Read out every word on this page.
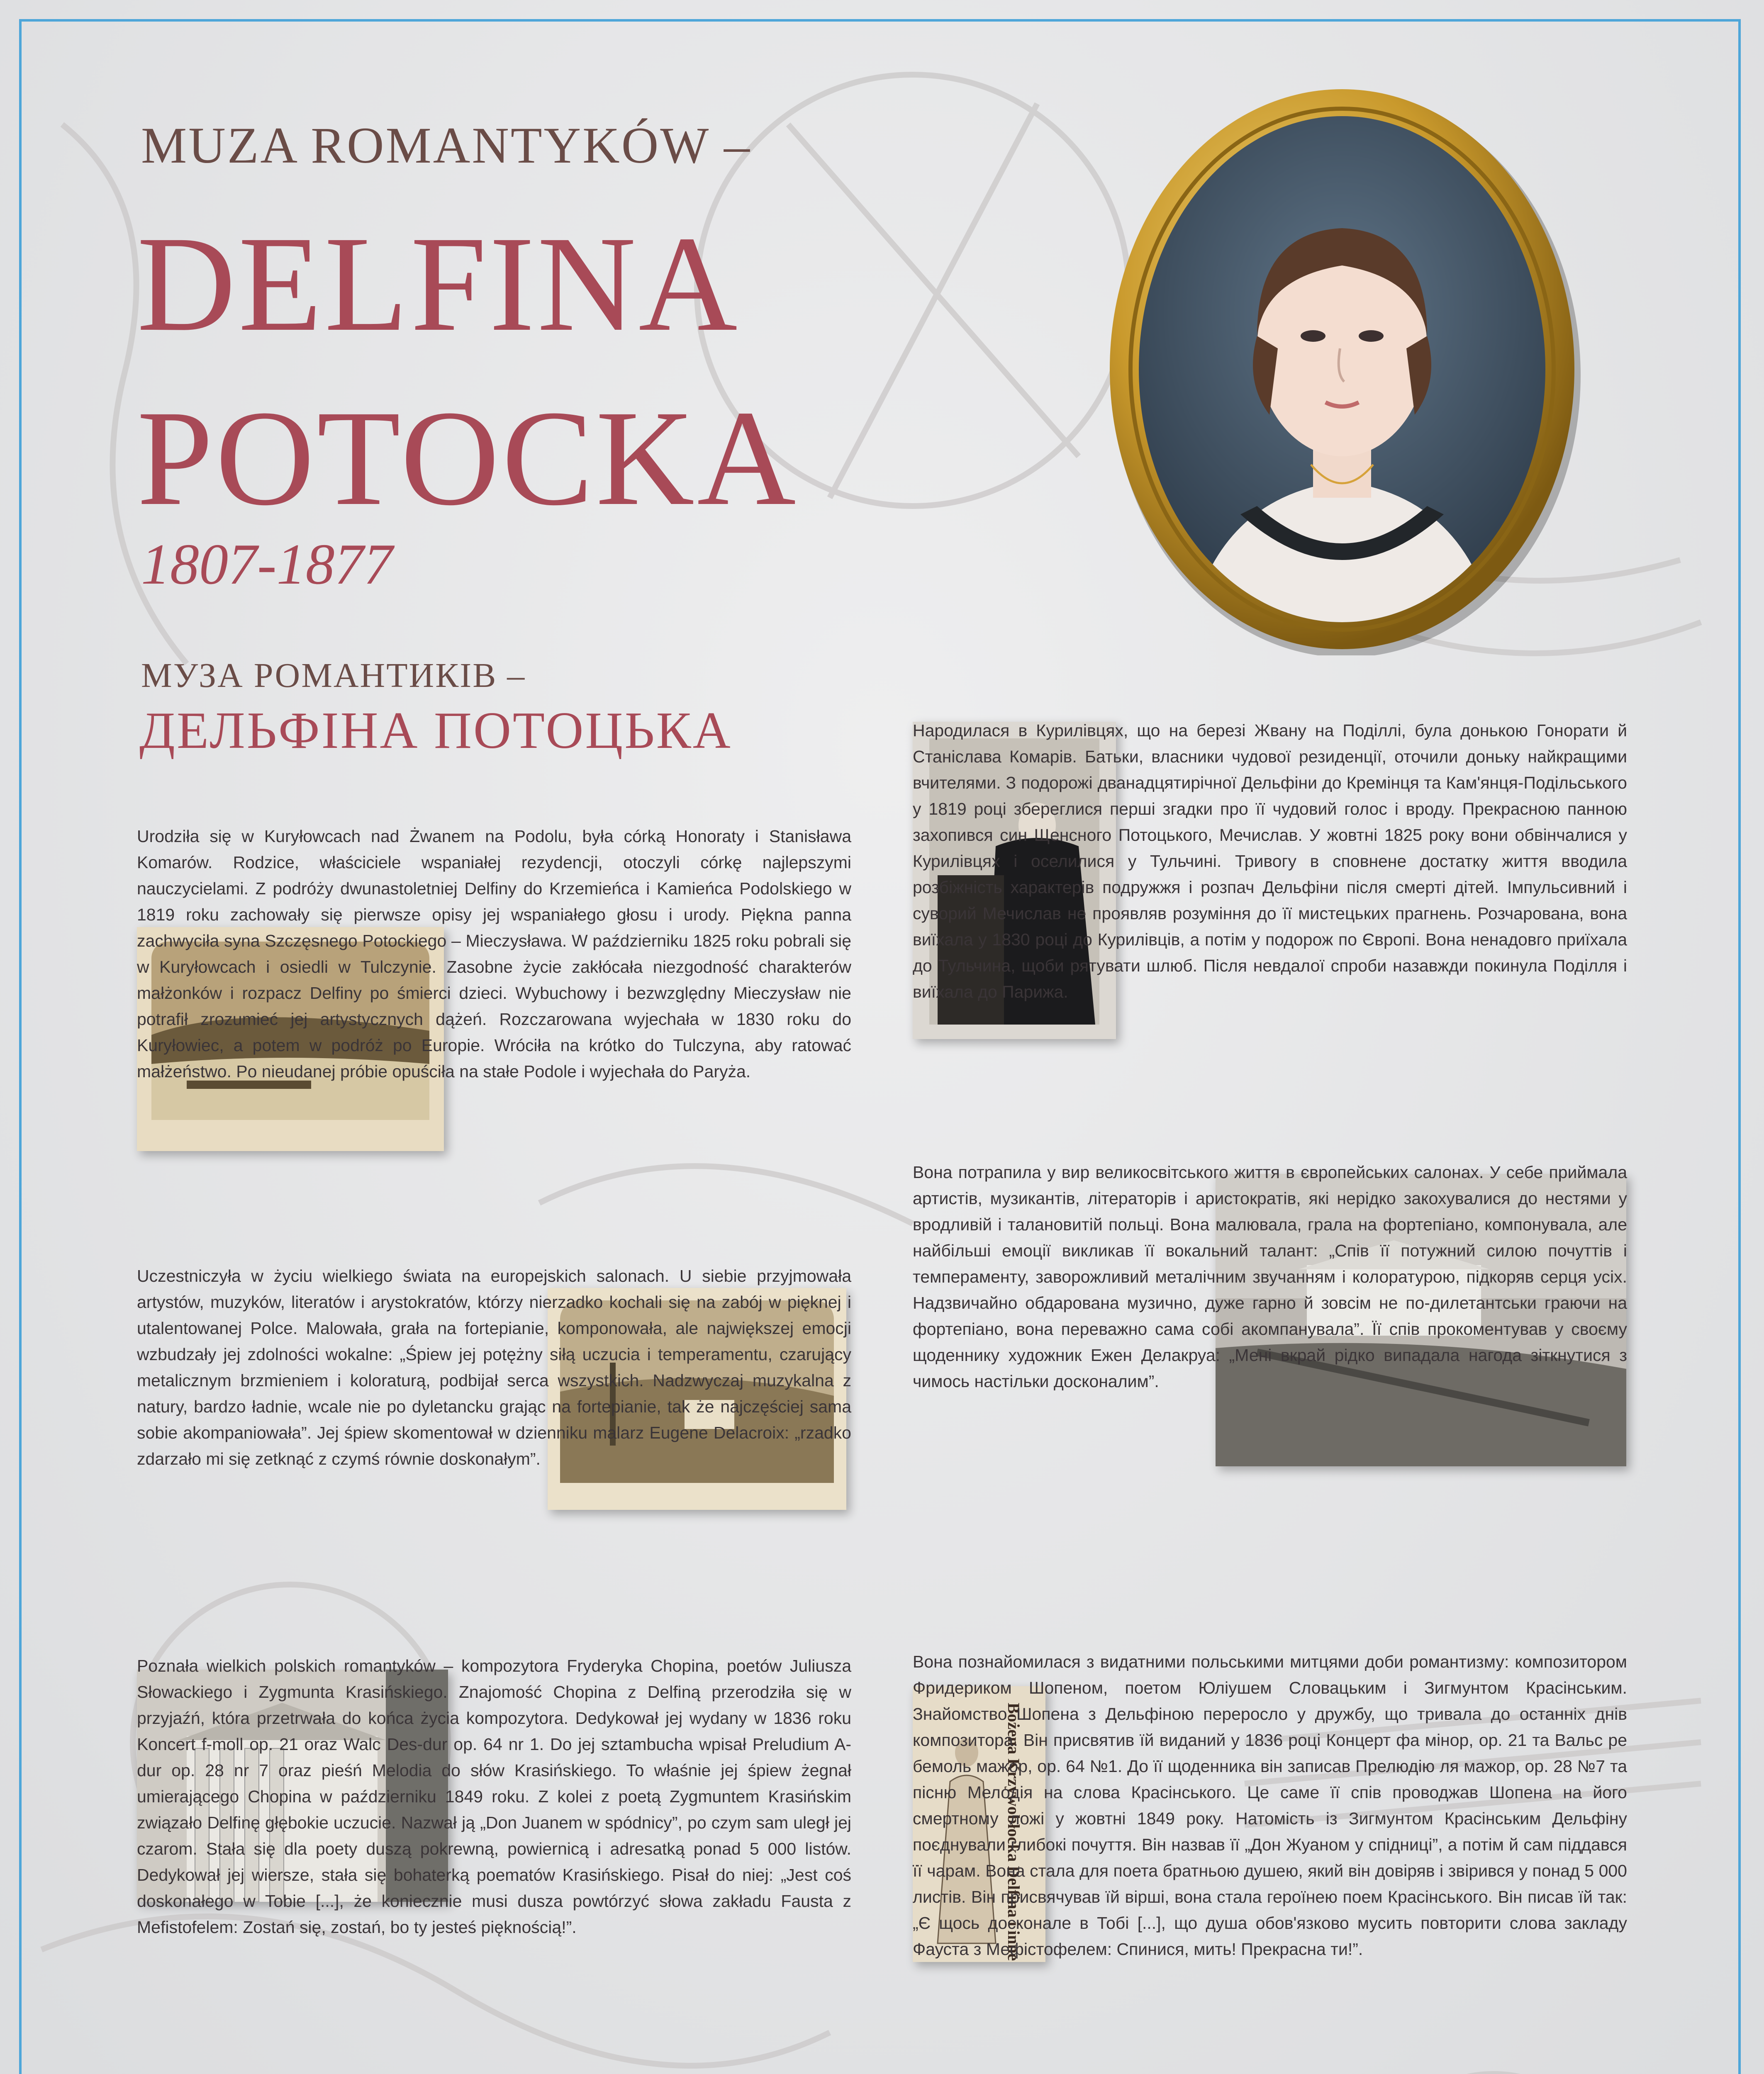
MUZA ROMANTYKÓW –
DELFINA
POTOCKA
1807-1877
МУЗА РОМАНТИКІВ –
ДЕЛЬФІНА ПОТОЦЬКА
Urodziła się w Kuryłowcach nad Żwanem na Podolu, była córką Honoraty i Stanisława Komarów. Rodzice, właściciele wspaniałej rezydencji, otoczyli córkę najlepszymi nauczycielami. Z podróży dwunastoletniej Delfiny do Krzemieńca i Kamieńca Podolskiego w 1819 roku zachowały się pierwsze opisy jej wspaniałego głosu i urody. Piękna panna zachwyciła syna Szczęsnego Potockiego – Mieczysława. W październiku 1825 roku pobrali się w Kuryłowcach i osiedli w Tulczynie. Zasobne życie zakłócała niezgodność charakterów małżonków i rozpacz Delfiny po śmierci dzieci. Wybuchowy i bezwzględny Mieczysław nie potrafił zrozumieć jej artystycznych dążeń. Rozczarowana wyjechała w 1830 roku do Kuryłowiec, a potem w podróż po Europie. Wróciła na krótko do Tulczyna, aby ratować małżeństwo. Po nieudanej próbie opuściła na stałe Podole i wyjechała do Paryża.
Uczestniczyła w życiu wielkiego świata na europejskich salonach. U siebie przyjmowała artystów, muzyków, literatów i arystokratów, którzy nierzadko kochali się na zabój w pięknej i utalentowanej Polce. Malowała, grała na fortepianie, komponowała, ale największej emocji wzbudzały jej zdolności wokalne: „Śpiew jej potężny siłą uczucia i temperamentu, czarujący metalicznym brzmieniem i koloraturą, podbijał serca wszystkich. Nadzwyczaj muzykalna z natury, bardzo ładnie, wcale nie po dyletancku grając na fortepianie, tak że najczęściej sama sobie akompaniowała”. Jej śpiew skomentował w dzienniku malarz Eugene Delacroix: „rzadko zdarzało mi się zetknąć z czymś równie doskonałym”.
Poznała wielkich polskich romantyków – kompozytora Fryderyka Chopina, poetów Juliusza Słowackiego i Zygmunta Krasińskiego. Znajomość Chopina z Delfiną przerodziła się w przyjaźń, która przetrwała do końca życia kompozytora. Dedykował jej wydany w 1836 roku Koncert f-moll op. 21 oraz Walc Des-dur op. 64 nr 1. Do jej sztambucha wpisał Preludium A-dur op. 28 nr 7 oraz pieśń Melodia do słów Krasińskiego. To właśnie jej śpiew żegnał umierającego Chopina w październiku 1849 roku. Z kolei z poetą Zygmuntem Krasińskim związało Delfinę głębokie uczucie. Nazwał ją „Don Juanem w spódnicy”, po czym sam uległ jej czarom. Stała się dla poety duszą pokrewną, powiernicą i adresatką ponad 5 000 listów. Dedykował jej wiersze, stała się bohaterką poematów Krasińskiego. Pisał do niej: „Jest coś doskonałego w Tobie [...], że koniecznie musi dusza powtórzyć słowa zakładu Fausta z Mefistofelem: Zostań się, zostań, bo ty jesteś pięknością!”.
Народилася в Курилівцях, що на березі Жвану на Поділлі, була донькою Гонорати й Станіслава Комарів. Батьки, власники чудової резиденції, оточили доньку найкращими вчителями. З подорожі дванадцятирічної Дельфіни до Кремінця та Кам'янця-Подільського у 1819 році збереглися перші згадки про її чудовий голос і вроду. Прекрасною панною захопився син Щенсного Потоцького, Мечислав. У жовтні 1825 року вони обвінчалися у Курилівцях і оселилися у Тульчині. Тривогу в сповнене достатку життя вводила розбіжність характерів подружжя і розпач Дельфіни після смерті дітей. Імпульсивний і суворий Мечислав не проявляв розуміння до її мистецьких прагнень. Розчарована, вона виїхала у 1830 році до Курилівців, а потім у подорож по Європі. Вона ненадовго приїхала до Тульчина, щоби рятувати шлюб. Після невдалої спроби назавжди покинула Поділля і виїхала до Парижа.
Вона потрапила у вир великосвітського життя в європейських салонах. У себе приймала артистів, музикантів, літераторів і аристократів, які нерідко закохувалися до нестями у вродливій і талановитій польці. Вона малювала, грала на фортепіано, компонувала, але найбільші емоції викликав її вокальний талант: „Спів її потужний силою почуттів і темпераменту, заворожливий металічним звучанням і колоратурою, підкоряв серця усіх. Надзвичайно обдарована музично, дуже гарно й зовсім не по-дилетантськи граючи на фортепіано, вона переважно сама собі акомпанувала”. Її спів прокоментував у своєму щоденнику художник Ежен Делакруа: „Мені вкрай рідко випадала нагода зіткнутися з чимось настільки досконалим”.
Bożena Krzywobłocka Delfina i inne
Вона познайомилася з видатними польськими митцями доби романтизму: композитором Фридериком Шопеном, поетом Юліушем Словацьким і Зигмунтом Красінським. Знайомство Шопена з Дельфіною переросло у дружбу, що тривала до останніх днів композитора. Він присвятив їй виданий у 1836 році Концерт фа мінор, op. 21 та Вальс ре бемоль мажор, op. 64 №1. До її щоденника він записав Прелюдію ля мажор, op. 28 №7 та пісню Мелодія на слова Красінського. Це саме її спів проводжав Шопена на його смертному ложі у жовтні 1849 року. Натомість із Зигмунтом Красінським Дельфіну поєднували глибокі почуття. Він назвав її „Дон Жуаном у спідниці”, а потім й сам піддався її чарам. Вона стала для поета братньою душею, який він довіряв і звірився у понад 5 000 листів. Він присвячував їй вірші, вона стала героїнею поем Красінського. Він писав їй так: „Є щось досконале в Тобі [...], що душа обов'язково мусить повторити слова закладу Фауста з Мефістофелем: Спинися, мить! Прекрасна ти!”.
